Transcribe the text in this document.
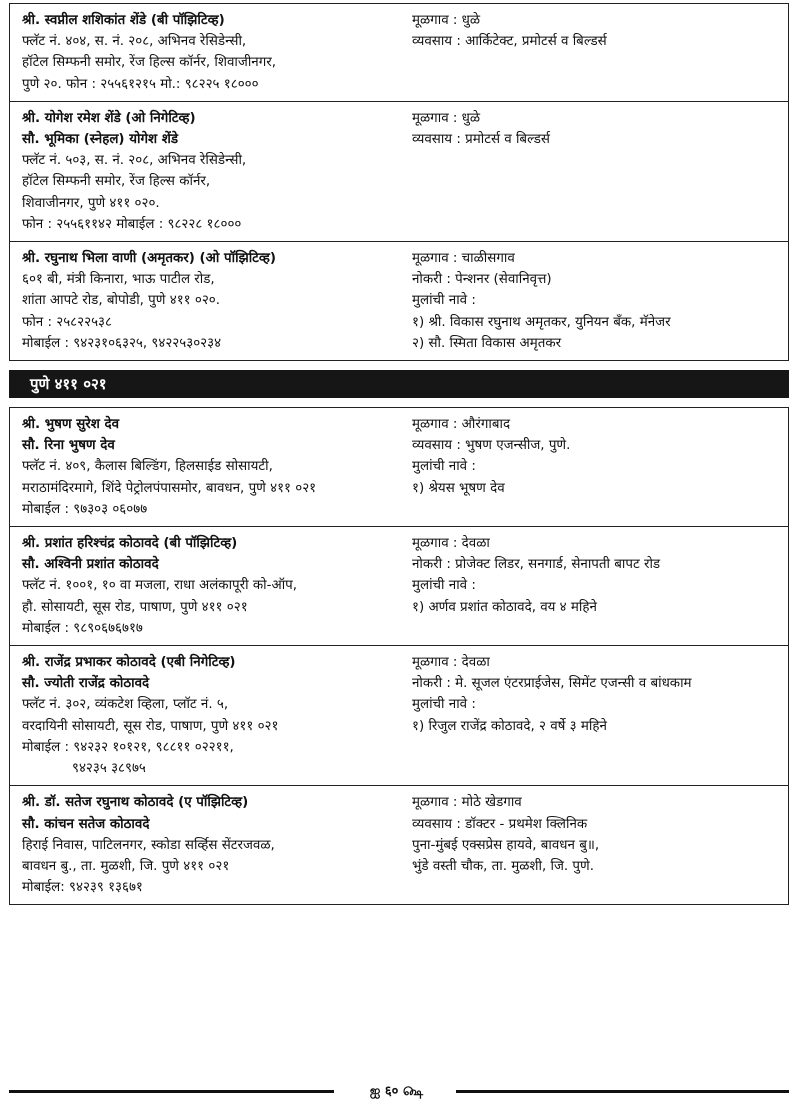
श्री. स्वप्नील शशिकांत शेंडे (बी पॉझिटिव्ह)
फ्लॅट नं. ४०४, स. नं. २०८, अभिनव रेसिडेन्सी,
हॉटेल सिम्फनी समोर, रेंज हिल्स कॉर्नर, शिवाजीनगर,
पुणे २०. फोन : २५५६१२१५ मो.: ९८२२५ १८०००
मूळगाव : धुळे
व्यवसाय : आर्किटेक्ट, प्रमोटर्स व बिल्डर्स
श्री. योगेश रमेश शेंडे (ओ निगेटिव्ह)
सौ. भूमिका (स्नेहल) योगेश शेंडे
फ्लॅट नं. ५०३, स. नं. २०८, अभिनव रेसिडेन्सी,
हॉटेल सिम्फनी समोर, रेंज हिल्स कॉर्नर,
शिवाजीनगर, पुणे ४११ ०२०.
फोन : २५५६११४२ मोबाईल : ९८२२८ १८०००
मूळगाव : धुळे
व्यवसाय : प्रमोटर्स व बिल्डर्स
श्री. रघुनाथ भिला वाणी (अमृतकर) (ओ पॉझिटिव्ह)
६०१ बी, मंत्री किनारा, भाऊ पाटील रोड,
शांता आपटे रोड, बोपोडी, पुणे ४११ ०२०.
फोन : २५८२२५३८
मोबाईल : ९४२३१०६३२५, ९४२२५३०२३४
मूळगाव : चाळीसगाव
नोकरी : पेन्शनर (सेवानिवृत्त)
मुलांची नावे :
१) श्री. विकास रघुनाथ अमृतकर, युनियन बँक, मॅनेजर
२) सौ. स्मिता विकास अमृतकर
पुणे ४११ ०२१
श्री. भुषण सुरेश देव
सौ. रिना भुषण देव
फ्लॅट नं. ४०९, कैलास बिल्डिंग, हिलसाईड सोसायटी,
मराठामंदिरमागे, शिंदे पेट्रोलपंपासमोर, बावधन, पुणे ४११ ०२१
मोबाईल : ९७३०३ ०६०७७
मूळगाव : औरंगाबाद
व्यवसाय : भुषण एजन्सीज, पुणे.
मुलांची नावे :
१) श्रेयस भूषण देव
श्री. प्रशांत हरिश्चंद्र कोठावदे (बी पॉझिटिव्ह)
सौ. अश्विनी प्रशांत कोठावदे
फ्लॅट नं. १००१, १० वा मजला, राधा अलंकापूरी को-ऑप,
हौ. सोसायटी, सूस रोड, पाषाण, पुणे ४११ ०२१
मोबाईल : ९८९०६७६७१७
मूळगाव : देवळा
नोकरी : प्रोजेक्ट लिडर, सनगार्ड, सेनापती बापट रोड
मुलांची नावे :
१) अर्णव प्रशांत कोठावदे, वय ४ महिने
श्री. राजेंद्र प्रभाकर कोठावदे (एबी निगेटिव्ह)
सौ. ज्योती राजेंद्र कोठावदे
फ्लॅट नं. ३०२, व्यंकटेश व्हिला, प्लॉट नं. ५,
वरदायिनी सोसायटी, सूस रोड, पाषाण, पुणे ४११ ०२१
मोबाईल : ९४२३२ १०१२१, ९८८११ ०२२११,
९४२३५ ३८९७५
मूळगाव : देवळा
नोकरी : मे. सूजल एंटरप्राईजेस, सिमेंट एजन्सी व बांधकाम
मुलांची नावे :
१) रिजुल राजेंद्र कोठावदे, २ वर्षे ३ महिने
श्री. डॉ. सतेज रघुनाथ कोठावदे (ए पॉझिटिव्ह)
सौ. कांचन सतेज कोठावदे
हिराई निवास, पाटिलनगर, स्कोडा सर्व्हिस सेंटरजवळ,
बावधन बु., ता. मुळशी, जि. पुणे ४११ ०२१
मोबाईल: ९४२३९ १३६७१
मूळगाव : मोठे खेडगाव
व्यवसाय : डॉक्टर - प्रथमेश क्लिनिक
पुना-मुंबई एक्सप्रेस हायवे, बावधन बु॥,
भुंडे वस्ती चौक, ता. मुळशी, जि. पुणे.
ஐ ६० ௸
